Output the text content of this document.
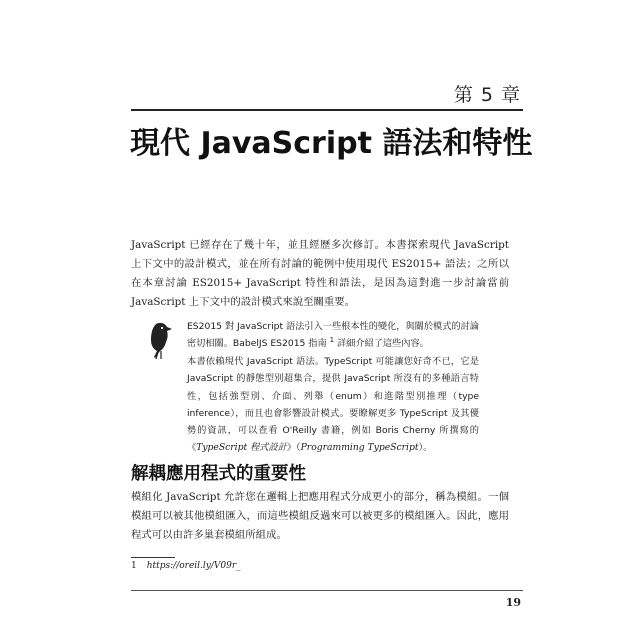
第 5 章
現代 JavaScript 語法和特性

JavaScript 已經存在了幾十年，並且經歷多次修訂。本書探索現代 JavaScript 上下文中的設計模式，並在所有討論的範例中使用現代 ES2015+ 語法；之所以在本章討論 ES2015+ JavaScript 特性和語法，是因為這對進一步討論當前 JavaScript 上下文中的設計模式來說至關重要。

ES2015 對 JavaScript 語法引入一些根本性的變化，與關於模式的討論密切相關。BabelJS ES2015 指南 $^1$ 詳細介紹了這些內容。

本書依賴現代 JavaScript 語法。TypeScript 可能讓您好奇不已，它是 JavaScript 的靜態型別超集合，提供 JavaScript 所沒有的多種語言特性，包括強型別、介面、列舉（enum）和進階型別推理（type inference），而且也會影響設計模式。要瞭解更多 TypeScript 及其優勢的資訊，可以查看 O'Reilly 書籍，例如 Boris Cherny 所撰寫的《TypeScript 程式設計》（Programming TypeScript）。

解耦應用程式的重要性

模組化 JavaScript 允許您在邏輯上把應用程式分成更小的部分，稱為模組。一個模組可以被其他模組匯入，而這些模組反過來可以被更多的模組匯入。因此，應用程式可以由許多巢套模組所組成。

1 https://oreil.ly/V09r_
19
